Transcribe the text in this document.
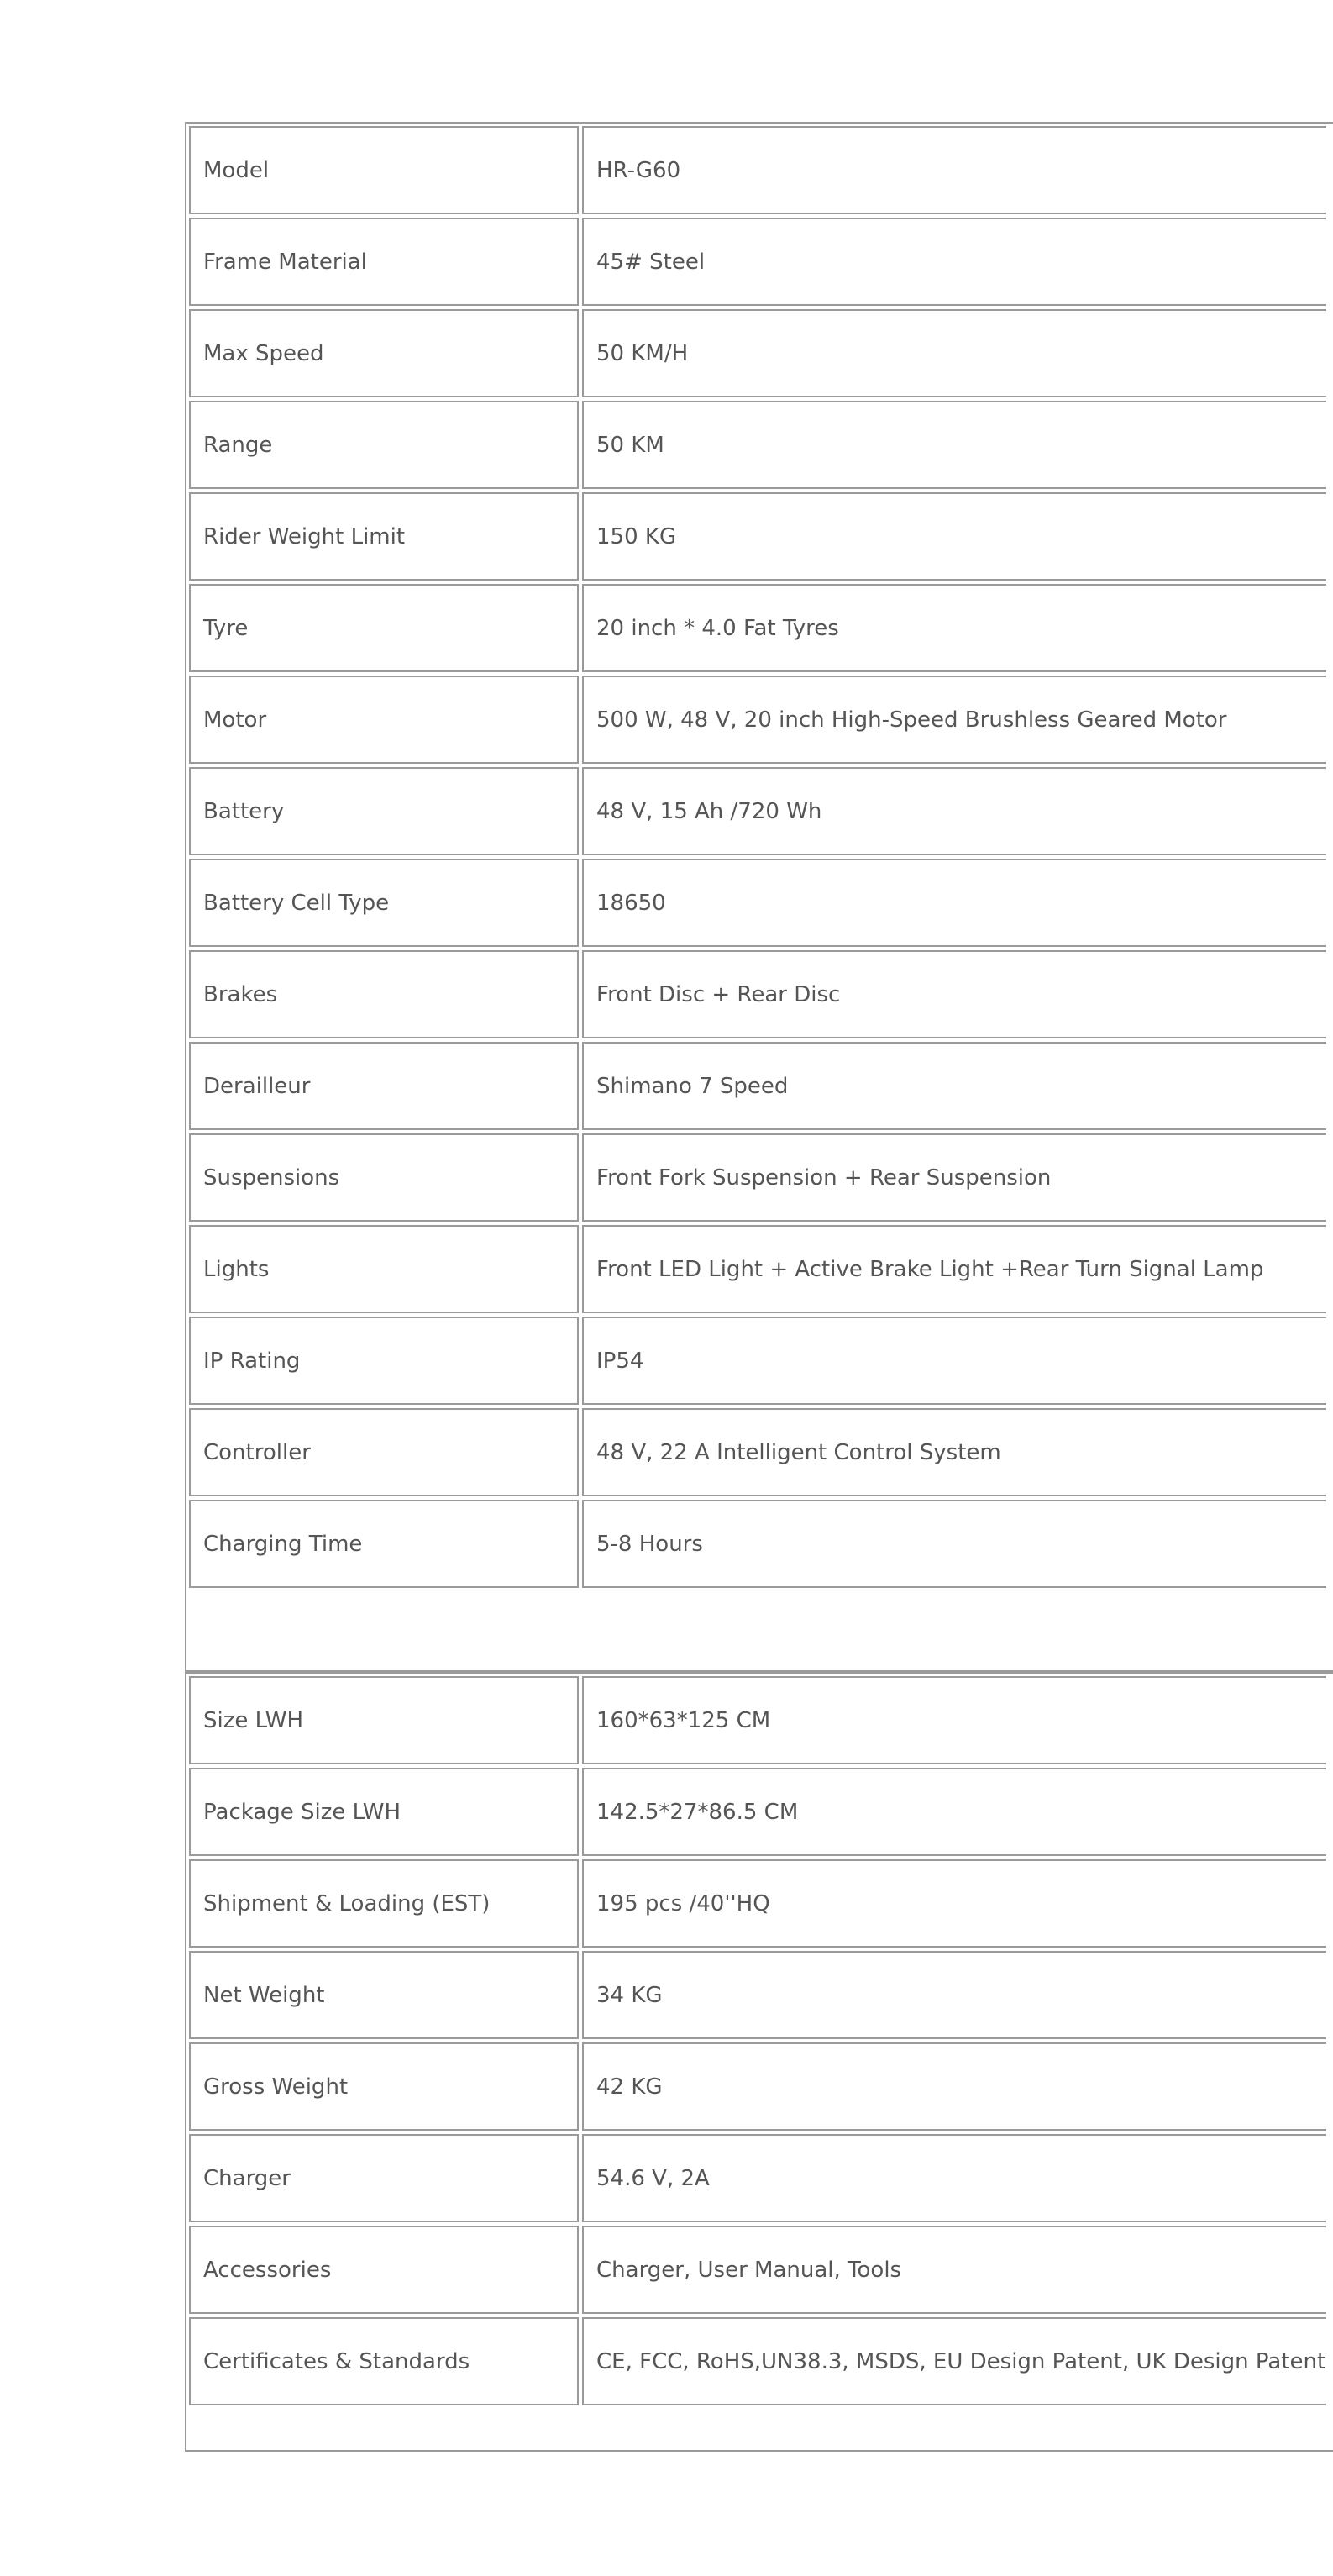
Model	HR-G60
Frame Material	45# Steel
Max Speed	50 KM/H
Range	50 KM
Rider Weight Limit	150 KG
Tyre	20 inch * 4.0 Fat Tyres
Motor	500 W, 48 V, 20 inch High-Speed Brushless Geared Motor
Battery	48 V, 15 Ah /720 Wh
Battery Cell Type	18650
Brakes	Front Disc + Rear Disc
Derailleur	Shimano 7 Speed
Suspensions	Front Fork Suspension + Rear Suspension
Lights	Front LED Light + Active Brake Light +Rear Turn Signal Lamp
IP Rating	IP54
Controller	48 V, 22 A Intelligent Control System
Charging Time	5-8 Hours
Size LWH	160*63*125 CM
Package Size LWH	142.5*27*86.5 CM
Shipment & Loading (EST)	195 pcs /40''HQ
Net Weight	34 KG
Gross Weight	42 KG
Charger	54.6 V, 2A
Accessories	Charger, User Manual, Tools
Certificates & Standards	CE, FCC, RoHS,UN38.3, MSDS, EU Design Patent, UK Design Patent
